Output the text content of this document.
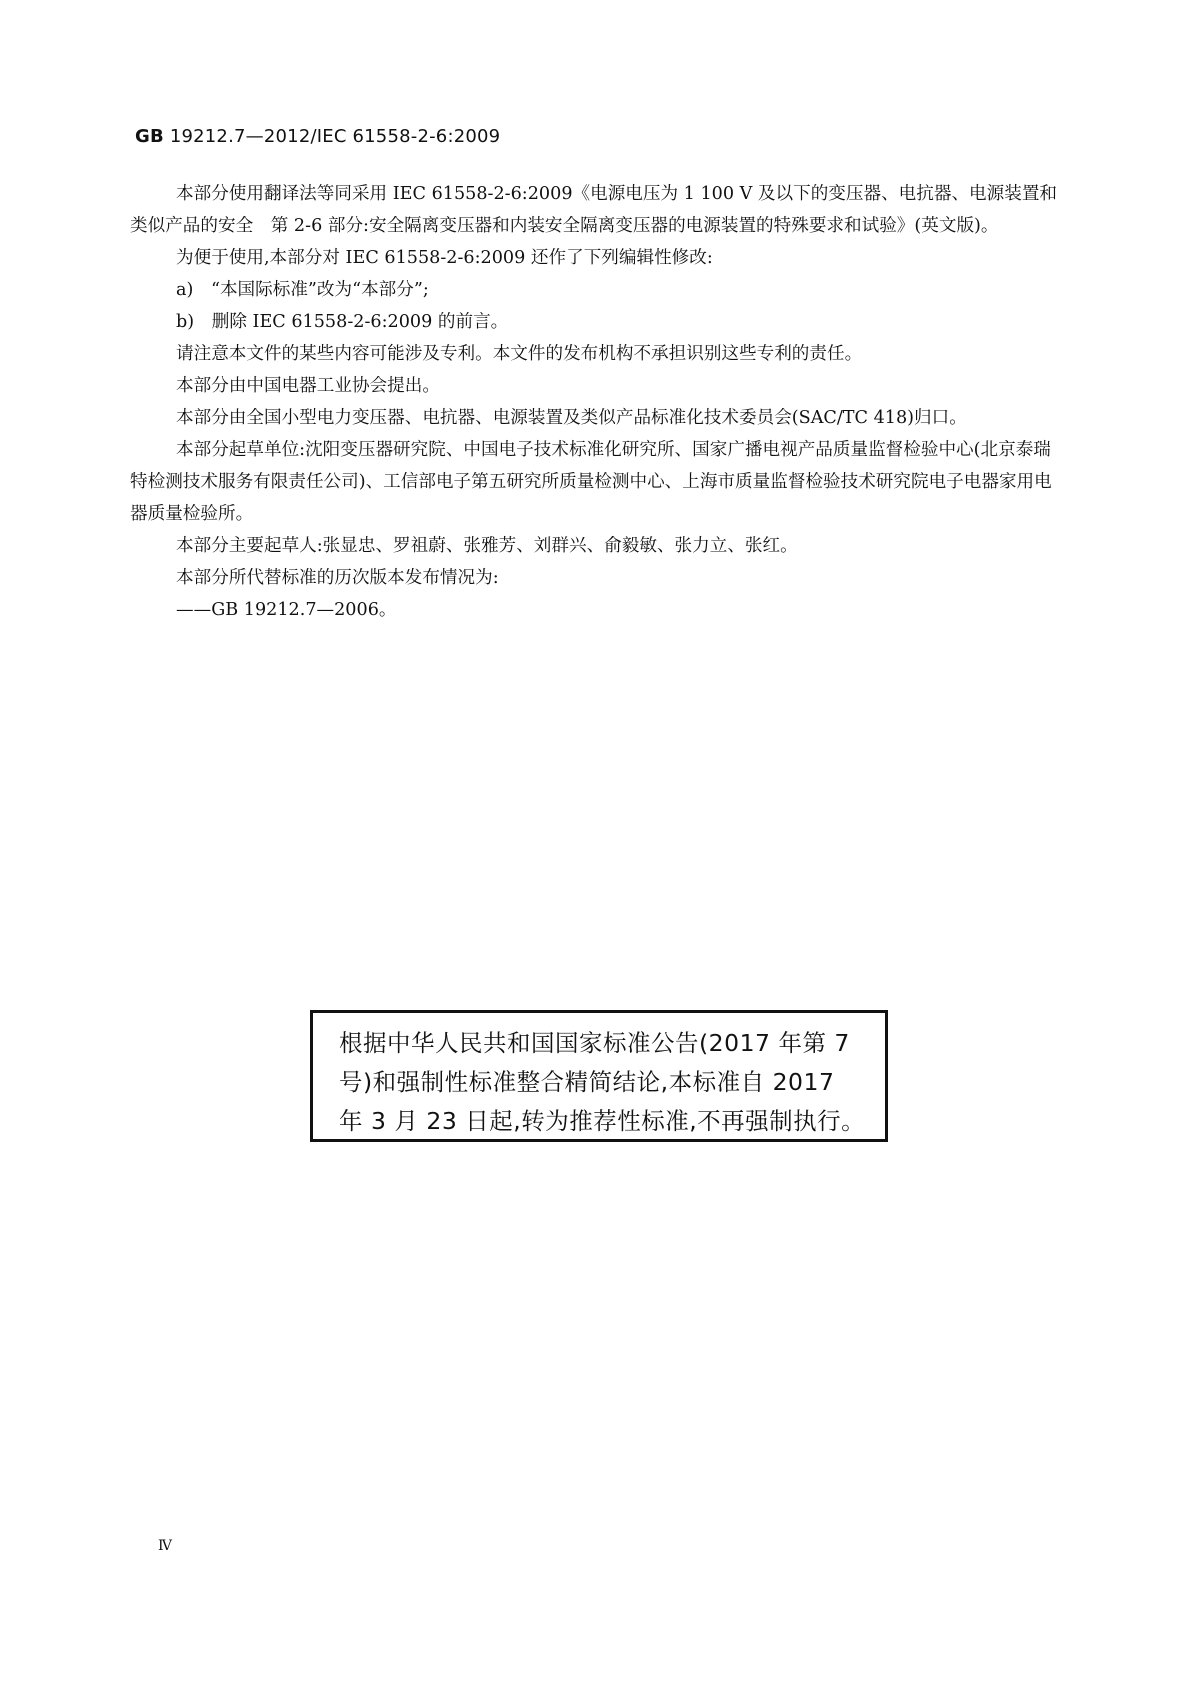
GB 19212.7—2012/IEC 61558-2-6:2009

本部分使用翻译法等同采用 IEC 61558-2-6:2009《电源电压为 1 100 V 及以下的变压器、电抗器、电源装置和类似产品的安全　第 2-6 部分:安全隔离变压器和内装安全隔离变压器的电源装置的特殊要求和试验》(英文版)。

为便于使用,本部分对 IEC 61558-2-6:2009 还作了下列编辑性修改:

a)　“本国际标准”改为“本部分”;

b)　删除 IEC 61558-2-6:2009 的前言。

请注意本文件的某些内容可能涉及专利。本文件的发布机构不承担识别这些专利的责任。

本部分由中国电器工业协会提出。

本部分由全国小型电力变压器、电抗器、电源装置及类似产品标准化技术委员会(SAC/TC 418)归口。

本部分起草单位:沈阳变压器研究院、中国电子技术标准化研究所、国家广播电视产品质量监督检验中心(北京泰瑞特检测技术服务有限责任公司)、工信部电子第五研究所质量检测中心、上海市质量监督检验技术研究院电子电器家用电器质量检验所。

本部分主要起草人:张显忠、罗祖蔚、张雅芳、刘群兴、俞毅敏、张力立、张红。

本部分所代替标准的历次版本发布情况为:

——GB 19212.7—2006。

根据中华人民共和国国家标准公告(2017 年第 7

号)和强制性标准整合精简结论,本标准自 2017

年 3 月 23 日起,转为推荐性标准,不再强制执行。

Ⅳ
